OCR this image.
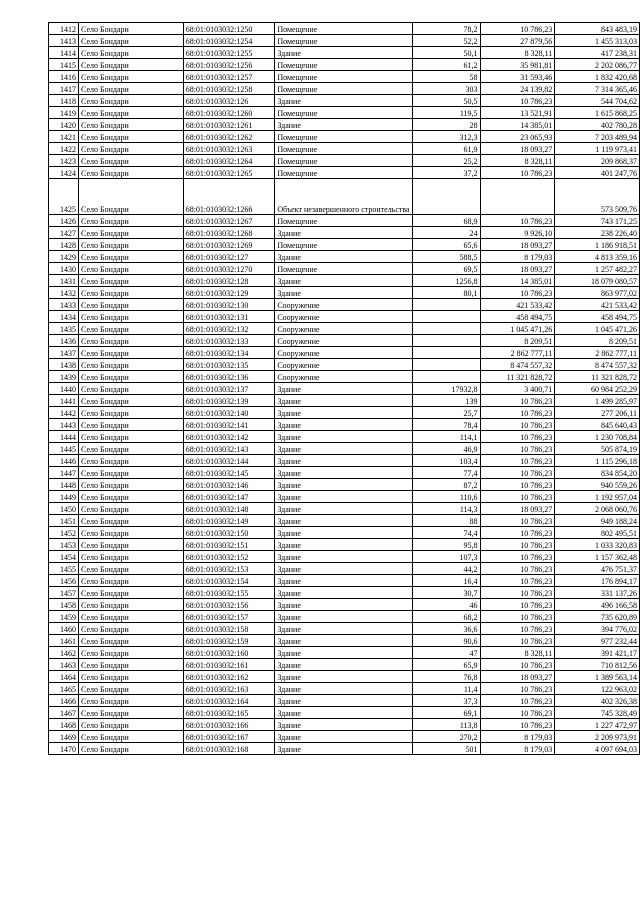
1412	Село Бондари	68:01:0103032:1250	Помещение	78,2	10 786,23	843 483,19
1413	Село Бондари	68:01:0103032:1254	Помещение	52,2	27 879,56	1 455 313,03
1414	Село Бондари	68:01:0103032:1255	Здание	50,1	8 328,11	417 238,31
1415	Село Бондари	68:01:0103032:1256	Помещение	61,2	35 981,81	2 202 086,77
1416	Село Бондари	68:01:0103032:1257	Помещение	58	31 593,46	1 832 420,68
1417	Село Бондари	68:01:0103032:1258	Помещение	303	24 139,82	7 314 365,46
1418	Село Бондари	68:01:0103032:126	Здание	50,5	10 786,23	544 704,62
1419	Село Бондари	68:01:0103032:1260	Помещение	119,5	13 521,91	1 615 868,25
1420	Село Бондари	68:01:0103032:1261	Здание	28	14 385,01	402 780,28
1421	Село Бондари	68:01:0103032:1262	Помещение	312,3	23 065,93	7 203 489,94
1422	Село Бондари	68:01:0103032:1263	Помещение	61,9	18 093,27	1 119 973,41
1423	Село Бондари	68:01:0103032:1264	Помещение	25,2	8 328,11	209 868,37
1424	Село Бондари	68:01:0103032:1265	Помещение	37,2	10 786,23	401 247,76
1425	Село Бондари	68:01:0103032:1266	Объект незавершенного строительства			573 509,76
1426	Село Бондари	68:01:0103032:1267	Помещение	68,9	10 786,23	743 171,25
1427	Село Бондари	68:01:0103032:1268	Здание	24	9 926,10	238 226,40
1428	Село Бондари	68:01:0103032:1269	Помещение	65,6	18 093,27	1 186 918,51
1429	Село Бондари	68:01:0103032:127	Здание	588,5	8 179,03	4 813 359,16
1430	Село Бондари	68:01:0103032:1270	Помещение	69,5	18 093,27	1 257 482,27
1431	Село Бондари	68:01:0103032:128	Здание	1256,8	14 385,01	18 079 080,57
1432	Село Бондари	68:01:0103032:129	Здание	80,1	10 786,23	863 977,02
1433	Село Бондари	68:01:0103032:130	Сооружение		421 533,42	421 533,42
1434	Село Бондари	68:01:0103032:131	Сооружение		458 494,75	458 494,75
1435	Село Бондари	68:01:0103032:132	Сооружение		1 045 471,26	1 045 471,26
1436	Село Бондари	68:01:0103032:133	Сооружение		8 209,51	8 209,51
1437	Село Бондари	68:01:0103032:134	Сооружение		2 862 777,11	2 862 777,11
1438	Село Бондари	68:01:0103032:135	Сооружение		8 474 557,32	8 474 557,32
1439	Село Бондари	68:01:0103032:136	Сооружение		11 321 828,72	11 321 828,72
1440	Село Бондари	68:01:0103032:137	Здание	17932,8	3 400,71	60 984 252,29
1441	Село Бондари	68:01:0103032:139	Здание	139	10 786,23	1 499 285,97
1442	Село Бондари	68:01:0103032:140	Здание	25,7	10 786,23	277 206,11
1443	Село Бондари	68:01:0103032:141	Здание	78,4	10 786,23	845 640,43
1444	Село Бондари	68:01:0103032:142	Здание	114,1	10 786,23	1 230 708,84
1445	Село Бондари	68:01:0103032:143	Здание	46,9	10 786,23	505 874,19
1446	Село Бондари	68:01:0103032:144	Здание	103,4	10 786,23	1 115 296,18
1447	Село Бондари	68:01:0103032:145	Здание	77,4	10 786,23	834 854,20
1448	Село Бондари	68:01:0103032:146	Здание	87,2	10 786,23	940 559,26
1449	Село Бондари	68:01:0103032:147	Здание	110,6	10 786,23	1 192 957,04
1450	Село Бондари	68:01:0103032:148	Здание	114,3	18 093,27	2 068 060,76
1451	Село Бондари	68:01:0103032:149	Здание	88	10 786,23	949 188,24
1452	Село Бондари	68:01:0103032:150	Здание	74,4	10 786,23	802 495,51
1453	Село Бондари	68:01:0103032:151	Здание	95,8	10 786,23	1 033 320,83
1454	Село Бондари	68:01:0103032:152	Здание	107,3	10 786,23	1 157 362,48
1455	Село Бондари	68:01:0103032:153	Здание	44,2	10 786,23	476 751,37
1456	Село Бондари	68:01:0103032:154	Здание	16,4	10 786,23	176 894,17
1457	Село Бондари	68:01:0103032:155	Здание	30,7	10 786,23	331 137,26
1458	Село Бондари	68:01:0103032:156	Здание	46	10 786,23	496 166,58
1459	Село Бондари	68:01:0103032:157	Здание	68,2	10 786,23	735 620,89
1460	Село Бондари	68:01:0103032:158	Здание	36,6	10 786,23	394 776,02
1461	Село Бондари	68:01:0103032:159	Здание	90,6	10 786,23	977 232,44
1462	Село Бондари	68:01:0103032:160	Здание	47	8 328,11	391 421,17
1463	Село Бондари	68:01:0103032:161	Здание	65,9	10 786,23	710 812,56
1464	Село Бондари	68:01:0103032:162	Здание	76,8	18 093,27	1 389 563,14
1465	Село Бондари	68:01:0103032:163	Здание	11,4	10 786,23	122 963,02
1466	Село Бондари	68:01:0103032:164	Здание	37,3	10 786,23	402 326,38
1467	Село Бондари	68:01:0103032:165	Здание	69,1	10 786,23	745 328,49
1468	Село Бондари	68:01:0103032:166	Здание	113,8	10 786,23	1 227 472,97
1469	Село Бондари	68:01:0103032:167	Здание	270,2	8 179,03	2 209 973,91
1470	Село Бондари	68:01:0103032:168	Здание	501	8 179,03	4 097 694,03
